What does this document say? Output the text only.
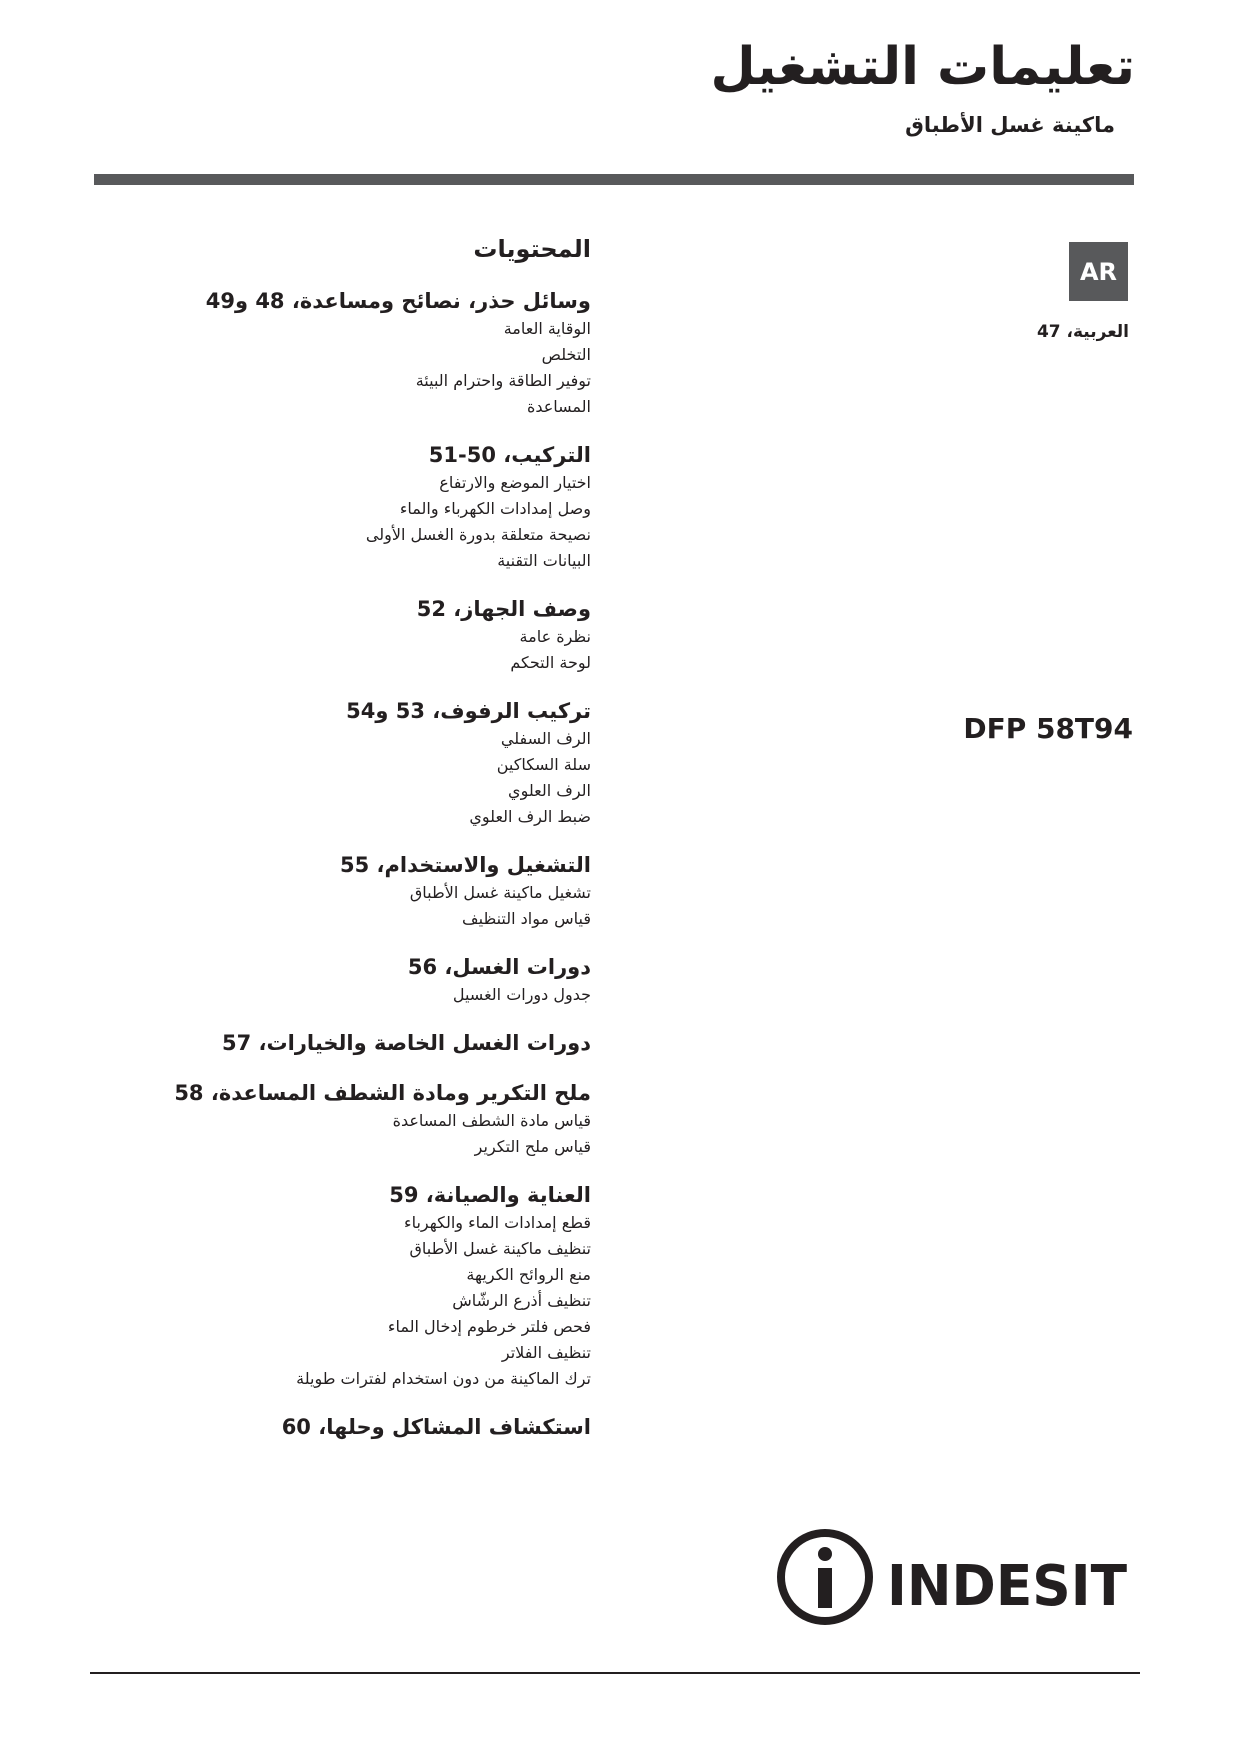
تعليمات التشغيل

ماكينة غسل الأطباق

AR

العربية، 47

DFP 58T94

المحتويات

وسائل حذر، نصائح ومساعدة، 48 و49

الوقاية العامة

التخلص

توفير الطاقة واحترام البيئة

المساعدة

التركيب، 50-51

اختيار الموضع والارتفاع

وصل إمدادات الكهرباء والماء

نصيحة متعلقة بدورة الغسل الأولى

البيانات التقنية

وصف الجهاز، 52

نظرة عامة

لوحة التحكم

تركيب الرفوف، 53 و54

الرف السفلي

سلة السكاكين

الرف العلوي

ضبط الرف العلوي

التشغيل والاستخدام، 55

تشغيل ماكينة غسل الأطباق

قياس مواد التنظيف

دورات الغسل، 56

جدول دورات الغسيل

دورات الغسل الخاصة والخيارات، 57

ملح التكرير ومادة الشطف المساعدة، 58

قياس مادة الشطف المساعدة

قياس ملح التكرير

العناية والصيانة، 59

قطع إمدادات الماء والكهرباء

تنظيف ماكينة غسل الأطباق

منع الروائح الكريهة

تنظيف أذرع الرشّاش

فحص فلتر خرطوم إدخال الماء

تنظيف الفلاتر

ترك الماكينة من دون استخدام لفترات طويلة

استكشاف المشاكل وحلها، 60

INDESIT
